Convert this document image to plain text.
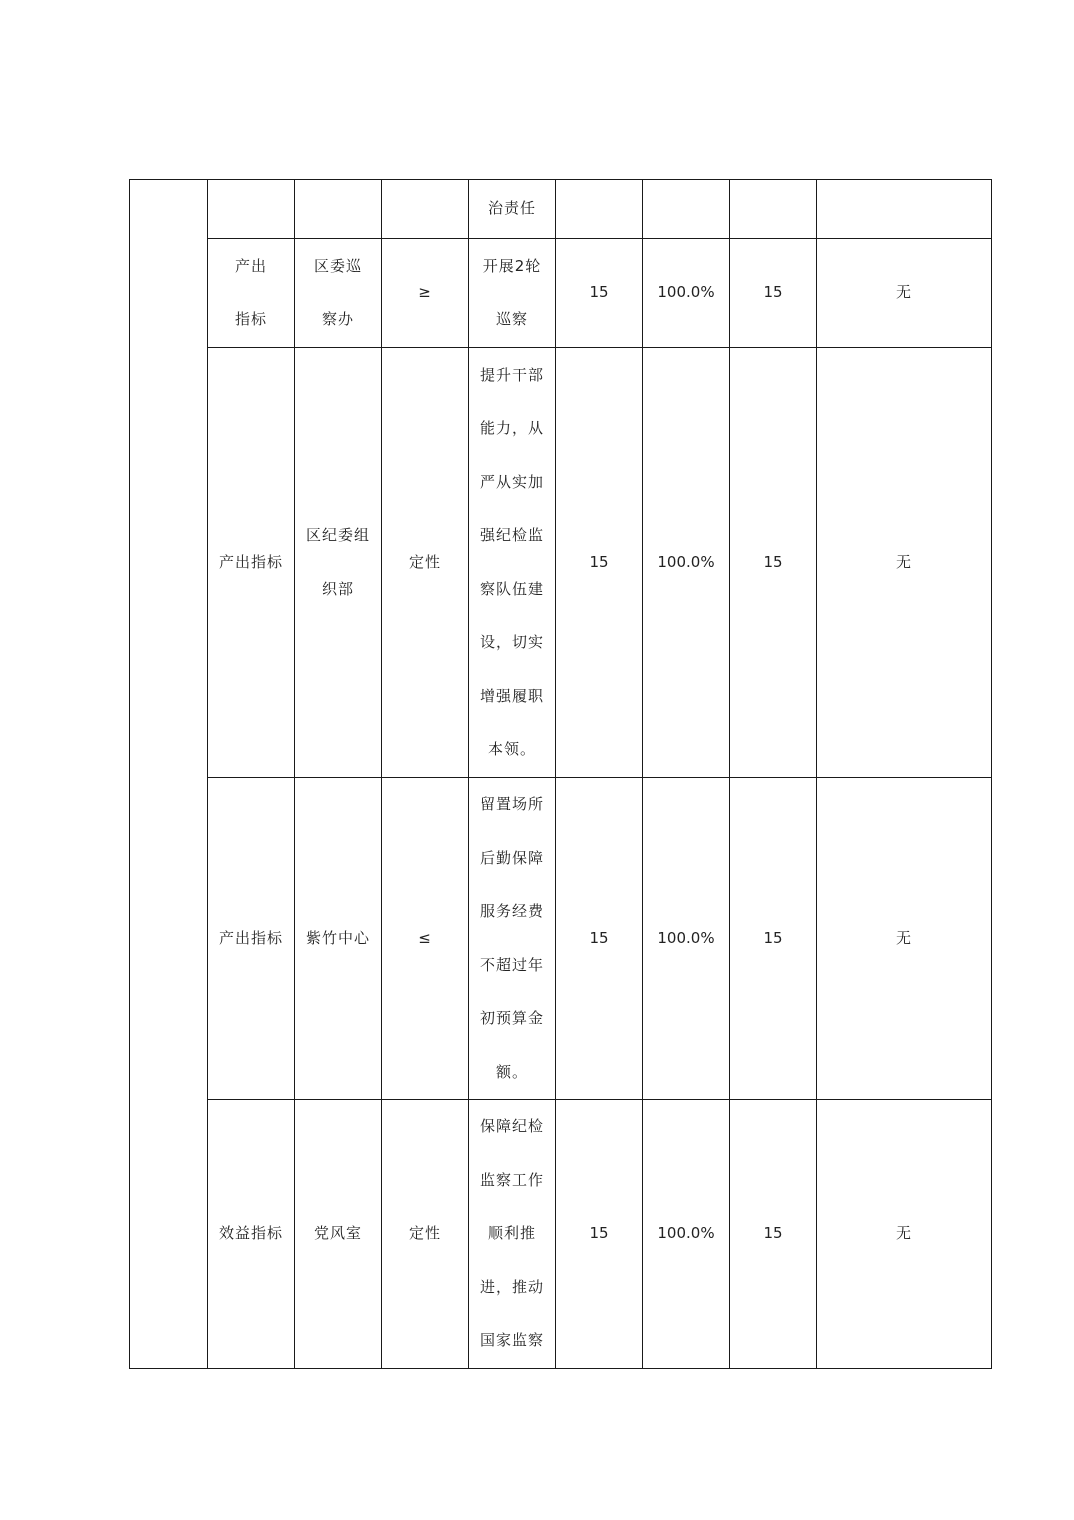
				治责任				

	产出指标	区委巡察办	≥	开展2轮巡察	15	100.0%	15	无
	产出指标	区纪委组织部	定性	提升干部能力，从严从实加强纪检监察队伍建设，切实增强履职本领。	15	100.0%	15	无
	产出指标	紫竹中心	≤	留置场所后勤保障服务经费不超过年初预算金额。	15	100.0%	15	无
	效益指标	党风室	定性	保障纪检监察工作顺利推进，推动国家监察	15	100.0%	15	无
